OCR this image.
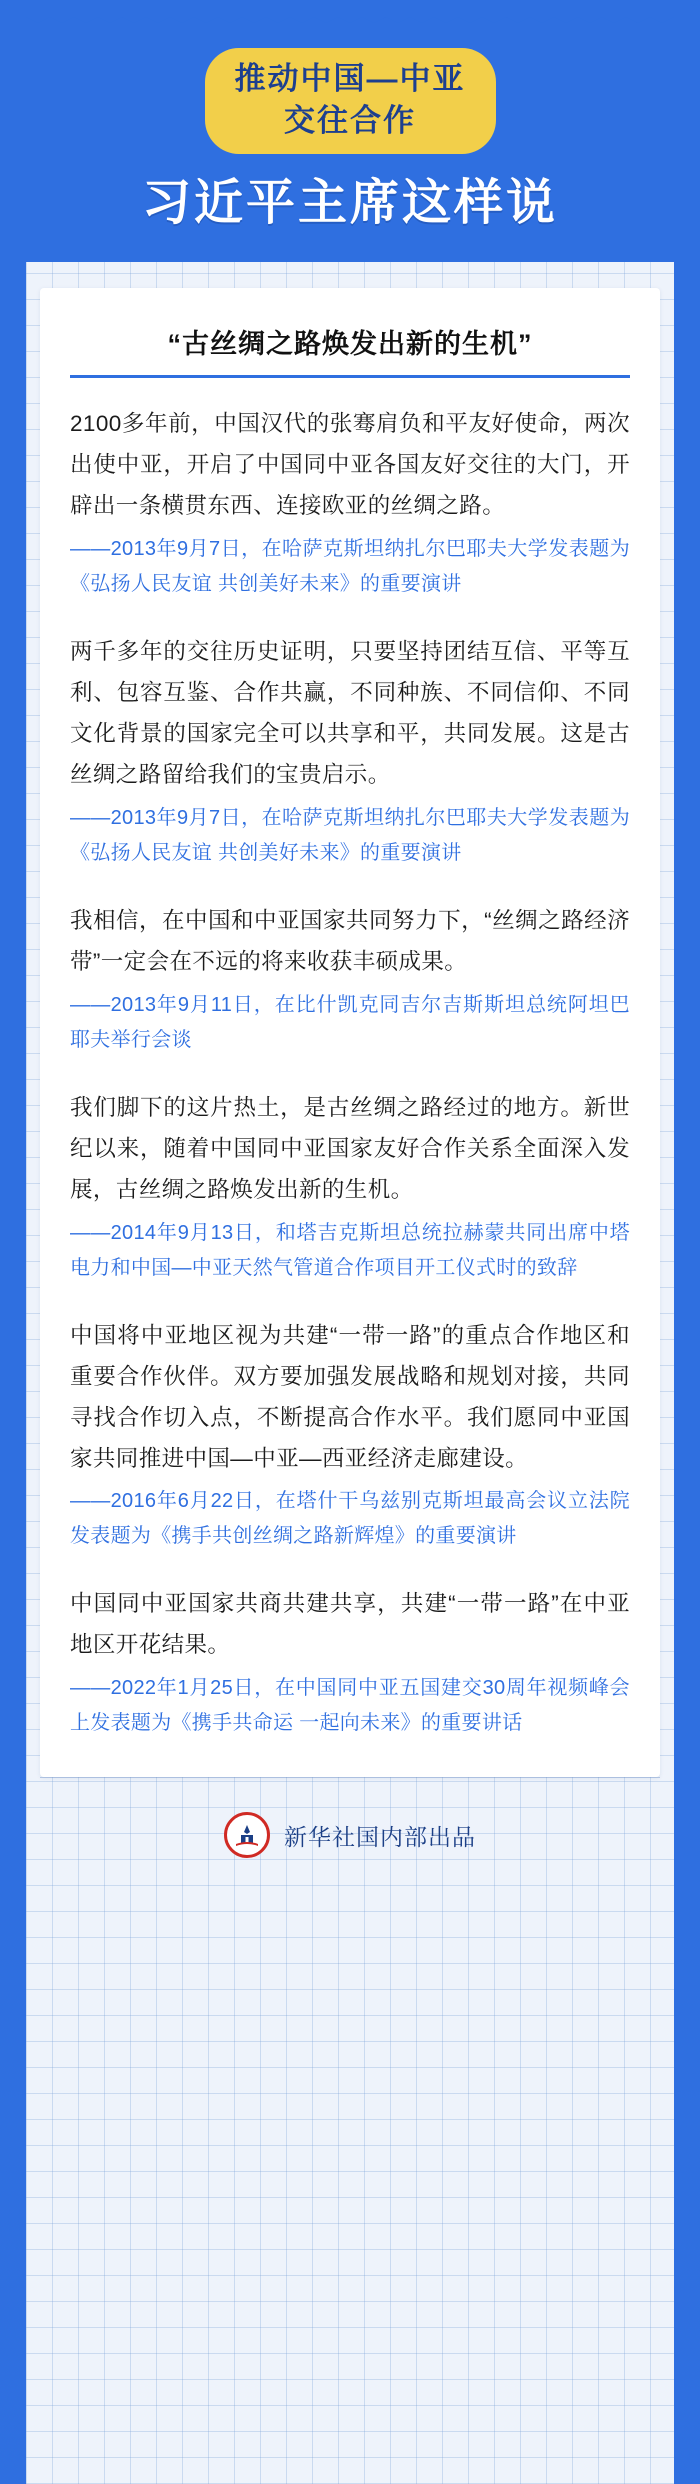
推动中国—中亚
交往合作
习近平主席这样说
“古丝绸之路焕发出新的生机”
2100多年前，中国汉代的张骞肩负和平友好使命，两次出使中亚，开启了中国同中亚各国友好交往的大门，开辟出一条横贯东西、连接欧亚的丝绸之路。
——2013年9月7日，在哈萨克斯坦纳扎尔巴耶夫大学发表题为《弘扬人民友谊 共创美好未来》的重要演讲
两千多年的交往历史证明，只要坚持团结互信、平等互利、包容互鉴、合作共赢，不同种族、不同信仰、不同文化背景的国家完全可以共享和平，共同发展。这是古丝绸之路留给我们的宝贵启示。
——2013年9月7日，在哈萨克斯坦纳扎尔巴耶夫大学发表题为《弘扬人民友谊 共创美好未来》的重要演讲
我相信，在中国和中亚国家共同努力下，“丝绸之路经济带”一定会在不远的将来收获丰硕成果。
——2013年9月11日，在比什凯克同吉尔吉斯斯坦总统阿坦巴耶夫举行会谈
我们脚下的这片热土，是古丝绸之路经过的地方。新世纪以来，随着中国同中亚国家友好合作关系全面深入发展，古丝绸之路焕发出新的生机。
——2014年9月13日，和塔吉克斯坦总统拉赫蒙共同出席中塔电力和中国—中亚天然气管道合作项目开工仪式时的致辞
中国将中亚地区视为共建“一带一路”的重点合作地区和重要合作伙伴。双方要加强发展战略和规划对接，共同寻找合作切入点，不断提高合作水平。我们愿同中亚国家共同推进中国—中亚—西亚经济走廊建设。
——2016年6月22日，在塔什干乌兹别克斯坦最高会议立法院发表题为《携手共创丝绸之路新辉煌》的重要演讲
中国同中亚国家共商共建共享，共建“一带一路”在中亚地区开花结果。
——2022年1月25日，在中国同中亚五国建交30周年视频峰会上发表题为《携手共命运 一起向未来》的重要讲话
新华社国内部出品
